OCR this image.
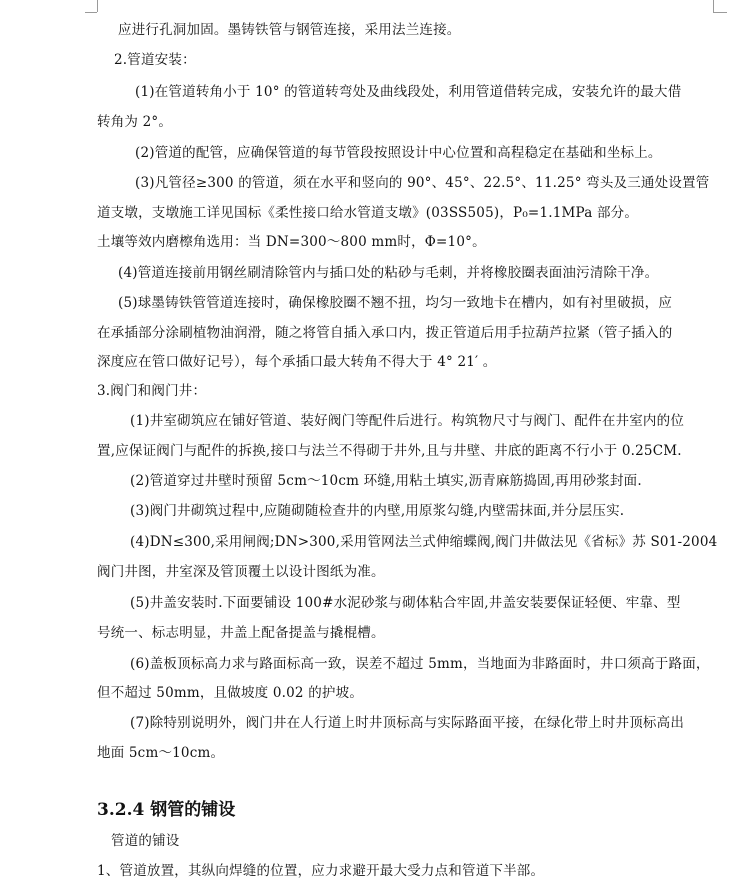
应进行孔洞加固。墨铸铁管与钢管连接，采用法兰连接。
2.管道安装：
(1)在管道转角小于 10° 的管道转弯处及曲线段处，利用管道借转完成，安装允许的最大借
转角为 2°。
(2)管道的配管，应确保管道的每节管段按照设计中心位置和高程稳定在基础和坐标上。
(3)凡管径≥300 的管道，须在水平和竖向的 90°、45°、22.5°、11.25° 弯头及三通处设置管
道支墩，支墩施工详见国标《柔性接口给水管道支墩》(03SS505)，P₀=1.1MPa 部分。
土壤等效内磨檫角选用：当 DN=300～800 mm时，Φ=10°。
(4)管道连接前用钢丝刷清除管内与插口处的粘砂与毛刺，并将橡胶圈表面油污清除干净。
(5)球墨铸铁管管道连接时，确保橡胶圈不翘不扭，均匀一致地卡在槽内，如有衬里破损，应
在承插部分涂刷植物油润滑，随之将管自插入承口内，拨正管道后用手拉葫芦拉紧（管子插入的
深度应在管口做好记号），每个承插口最大转角不得大于 4° 21′ 。
3.阀门和阀门井：
(1)井室砌筑应在铺好管道、装好阀门等配件后进行。构筑物尺寸与阀门、配件在井室内的位
置,应保证阀门与配件的拆换,接口与法兰不得砌于井外,且与井壁、井底的距离不行小于 0.25CM.
(2)管道穿过井壁时预留 5cm～10cm 环缝,用粘土填实,沥青麻筋捣固,再用砂浆封面.
(3)阀门井砌筑过程中,应随砌随检查井的内壁,用原浆勾缝,内壁需抹面,并分层压实.
(4)DN≤300,采用闸阀;DN>300,采用管网法兰式伸缩蝶阀,阀门井做法见《省标》苏 S01-2004
阀门井图，井室深及管顶覆土以设计图纸为准。
(5)井盖安装时.下面要铺设 100#水泥砂浆与砌体粘合牢固,井盖安装要保证轻便、牢靠、型
号统一、标志明显，井盖上配备提盖与撬棍槽。
(6)盖板顶标高力求与路面标高一致，误差不超过 5mm，当地面为非路面时，井口须高于路面，
但不超过 50mm，且做坡度 0.02 的护坡。
(7)除特别说明外，阀门井在人行道上时井顶标高与实际路面平接，在绿化带上时井顶标高出
地面 5cm～10cm。
3.2.4 钢管的铺设
管道的铺设
1、管道放置，其纵向焊缝的位置，应力求避开最大受力点和管道下半部。
